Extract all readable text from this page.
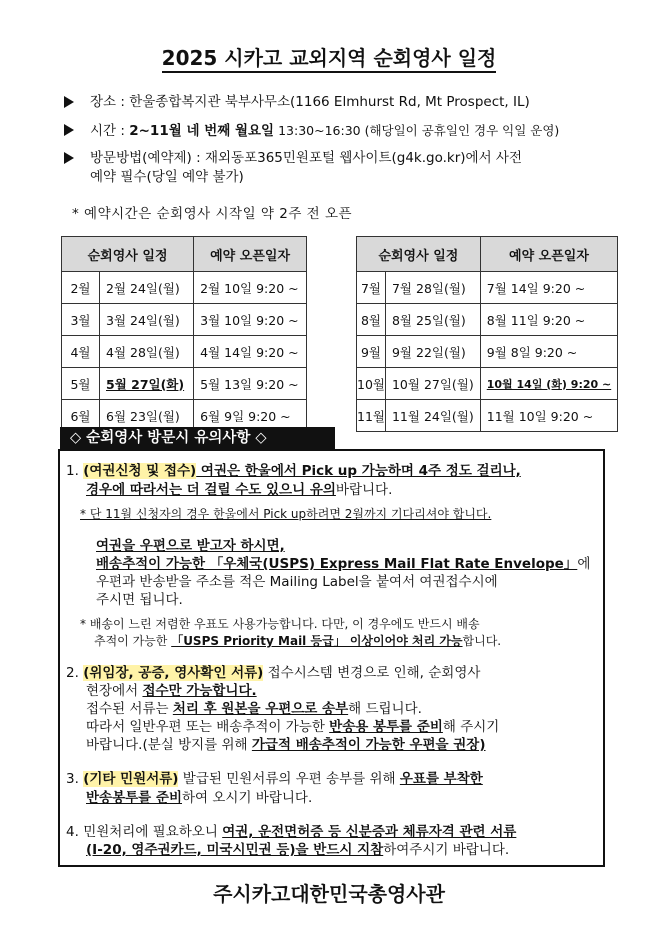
2025 시카고 교외지역 순회영사 일정
장소 : 한울종합복지관 북부사무소(1166 Elmhurst Rd, Mt Prospect, IL)
시간 : 2~11월 네 번째 월요일 13:30~16:30 (해당일이 공휴일인 경우 익일 운영)
방문방법(예약제) : 재외동포365민원포털 웹사이트(g4k.go.kr)에서 사전
예약 필수(당일 예약 불가)
* 예약시간은 순회영사 시작일 약 2주 전 오픈
순회영사 일정		예약 오픈일자
2월	2월 24일(월)	2월 10일 9:20 ~
3월	3월 24일(월)	3월 10일 9:20 ~
4월	4월 28일(월)	4월 14일 9:20 ~
5월	5월 27일(화)	5월 13일 9:20 ~
6월	6월 23일(월)	6월 9일 9:20 ~
순회영사 일정		예약 오픈일자
7월	7월 28일(월)	7월 14일 9:20 ~
8월	8월 25일(월)	8월 11일 9:20 ~
9월	9월 22일(월)	9월 8일 9:20 ~
10월	10월 27일(월)	10월 14일 (화) 9:20 ~
11월	11월 24일(월)	11월 10일 9:20 ~
◇ 순회영사 방문시 유의사항 ◇
1. (여권신청 및 접수) 여권은 한울에서 Pick up 가능하며 4주 정도 걸리나,
경우에 따라서는 더 걸릴 수도 있으니 유의바랍니다.
* 단 11월 신청자의 경우 한울에서 Pick up하려면 2월까지 기다리셔야 합니다.
여권을 우편으로 받고자 하시면,
배송추적이 가능한 「우체국(USPS) Express Mail Flat Rate Envelope」에
우편과 반송받을 주소를 적은 Mailing Label을 붙여서 여권접수시에
주시면 됩니다.
* 배송이 느린 저렴한 우표도 사용가능합니다. 다만, 이 경우에도 반드시 배송
추적이 가능한 「USPS Priority Mail 등급」 이상이어야 처리 가능합니다.
2. (위임장, 공증, 영사확인 서류) 접수시스템 변경으로 인해, 순회영사
현장에서 접수만 가능합니다.
접수된 서류는 처리 후 원본을 우편으로 송부해 드립니다.
따라서 일반우편 또는 배송추적이 가능한 반송용 봉투를 준비해 주시기
바랍니다.(분실 방지를 위해 가급적 배송추적이 가능한 우편을 권장)
3. (기타 민원서류) 발급된 민원서류의 우편 송부를 위해 우표를 부착한
반송봉투를 준비하여 오시기 바랍니다.
4. 민원처리에 필요하오니 여권, 운전면허증 등 신분증과 체류자격 관련 서류
(I-20, 영주권카드, 미국시민권 등)을 반드시 지참하여주시기 바랍니다.
주시카고대한민국총영사관
